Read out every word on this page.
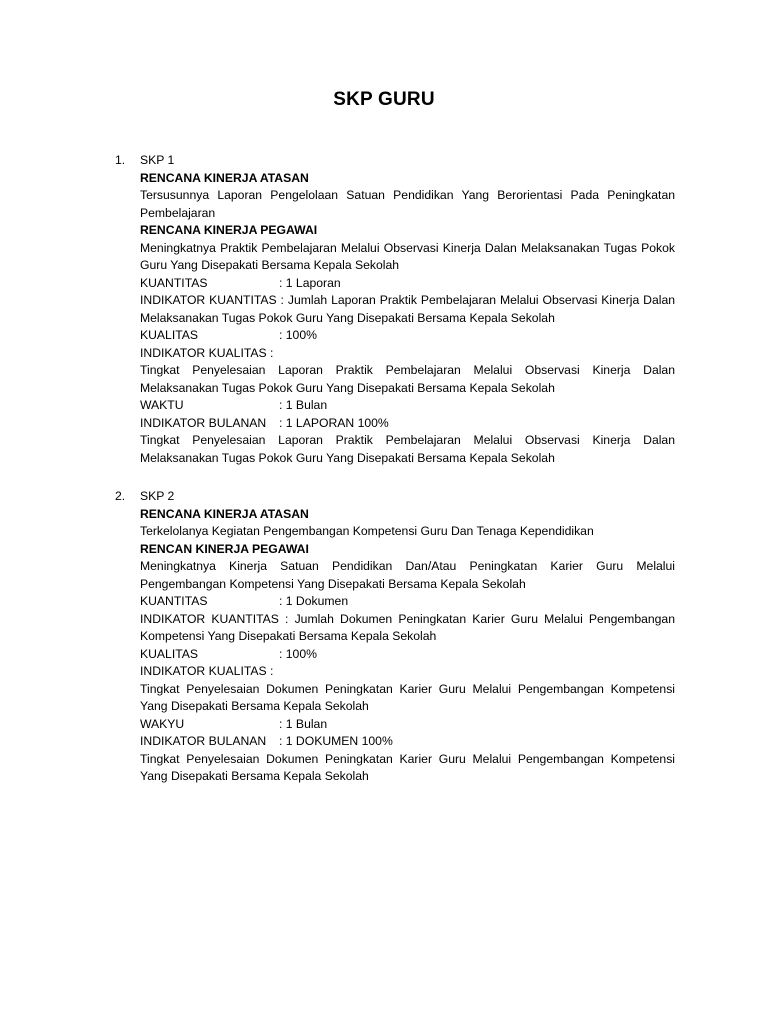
SKP GURU
1.	SKP 1
RENCANA KINERJA ATASAN
Tersusunnya Laporan Pengelolaan Satuan Pendidikan Yang Berorientasi Pada Peningkatan Pembelajaran
RENCANA KINERJA PEGAWAI
Meningkatnya Praktik Pembelajaran Melalui Observasi Kinerja Dalan Melaksanakan Tugas Pokok Guru Yang Disepakati Bersama Kepala Sekolah
KUANTITAS	: 1 Laporan
INDIKATOR KUANTITAS : Jumlah Laporan Praktik Pembelajaran Melalui Observasi Kinerja Dalan Melaksanakan Tugas Pokok Guru Yang Disepakati Bersama Kepala Sekolah
KUALITAS	: 100%
INDIKATOR KUALITAS :
Tingkat Penyelesaian Laporan Praktik Pembelajaran Melalui Observasi Kinerja Dalan Melaksanakan Tugas Pokok Guru Yang Disepakati Bersama Kepala Sekolah
WAKTU	: 1 Bulan
INDIKATOR BULANAN	: 1 LAPORAN 100%
Tingkat Penyelesaian Laporan Praktik Pembelajaran Melalui Observasi Kinerja Dalan Melaksanakan Tugas Pokok Guru Yang Disepakati Bersama Kepala Sekolah
2.	SKP 2
RENCANA KINERJA ATASAN
Terkelolanya Kegiatan Pengembangan Kompetensi Guru Dan Tenaga Kependidikan
RENCAN KINERJA PEGAWAI
Meningkatnya Kinerja Satuan Pendidikan Dan/Atau Peningkatan Karier Guru Melalui Pengembangan Kompetensi Yang Disepakati Bersama Kepala Sekolah
KUANTITAS	: 1 Dokumen
INDIKATOR KUANTITAS : Jumlah Dokumen Peningkatan Karier Guru Melalui Pengembangan Kompetensi Yang Disepakati Bersama Kepala Sekolah
KUALITAS	: 100%
INDIKATOR KUALITAS :
Tingkat Penyelesaian Dokumen Peningkatan Karier Guru Melalui Pengembangan Kompetensi Yang Disepakati Bersama Kepala Sekolah
WAKYU	: 1 Bulan
INDIKATOR BULANAN	: 1 DOKUMEN 100%
Tingkat Penyelesaian Dokumen Peningkatan Karier Guru Melalui Pengembangan Kompetensi Yang Disepakati Bersama Kepala Sekolah
